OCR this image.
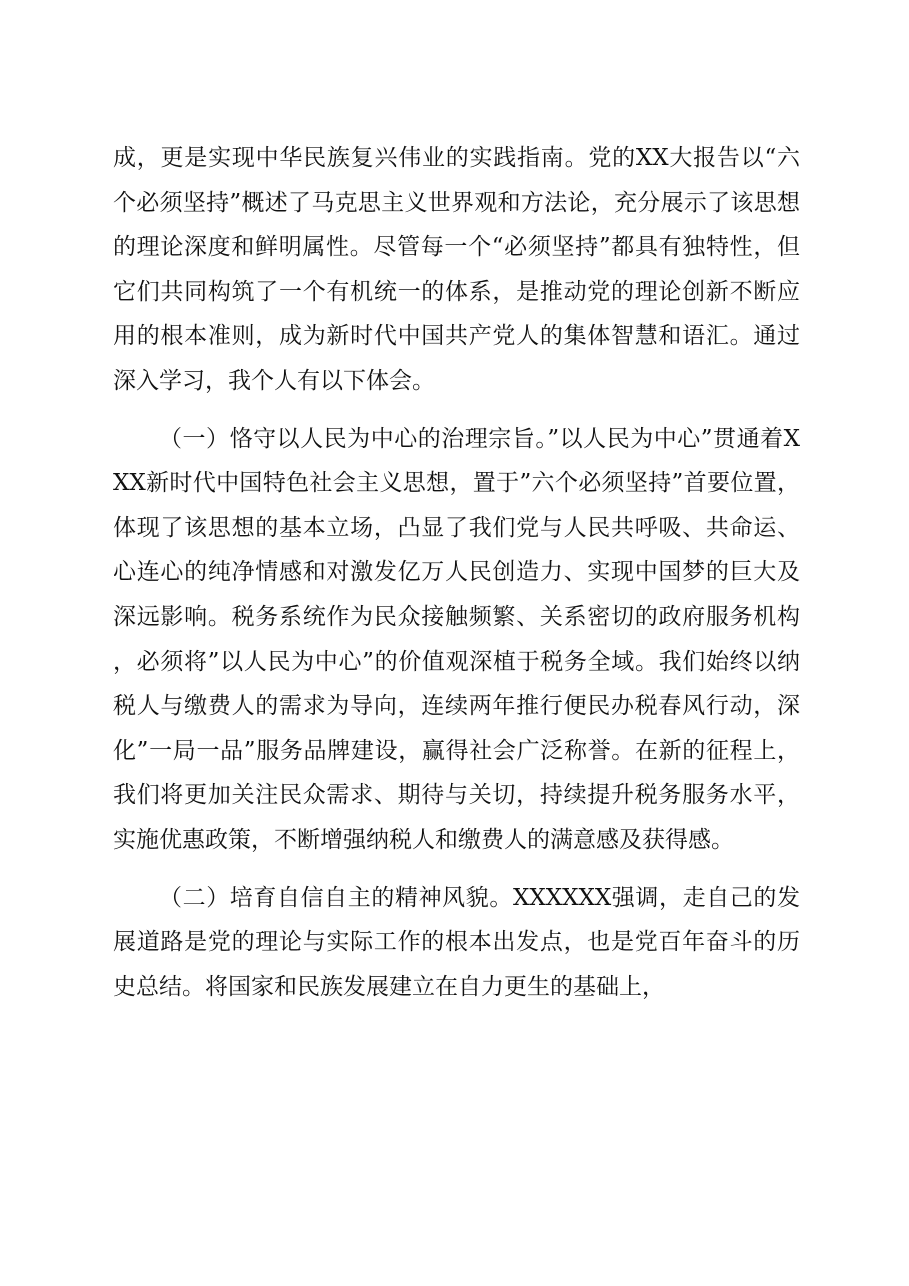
成，更是实现中华民族复兴伟业的实践指南。党的XX大报告以“六个必须坚持”概述了马克思主义世界观和方法论，充分展示了该思想的理论深度和鲜明属性。尽管每一个“必须坚持”都具有独特性，但它们共同构筑了一个有机统一的体系，是推动党的理论创新不断应用的根本准则，成为新时代中国共产党人的集体智慧和语汇。通过深入学习，我个人有以下体会。

（一）恪守以人民为中心的治理宗旨。”以人民为中心”贯通着XXX新时代中国特色社会主义思想，置于”六个必须坚持”首要位置，体现了该思想的基本立场，凸显了我们党与人民共呼吸、共命运、心连心的纯净情感和对激发亿万人民创造力、实现中国梦的巨大及深远影响。税务系统作为民众接触频繁、关系密切的政府服务机构，必须将”以人民为中心”的价值观深植于税务全域。我们始终以纳税人与缴费人的需求为导向，连续两年推行便民办税春风行动，深化”一局一品”服务品牌建设，赢得社会广泛称誉。在新的征程上，我们将更加关注民众需求、期待与关切，持续提升税务服务水平，实施优惠政策，不断增强纳税人和缴费人的满意感及获得感。

（二）培育自信自主的精神风貌。XXXXXX强调，走自己的发展道路是党的理论与实际工作的根本出发点，也是党百年奋斗的历史总结。将国家和民族发展建立在自力更生的基础上，
